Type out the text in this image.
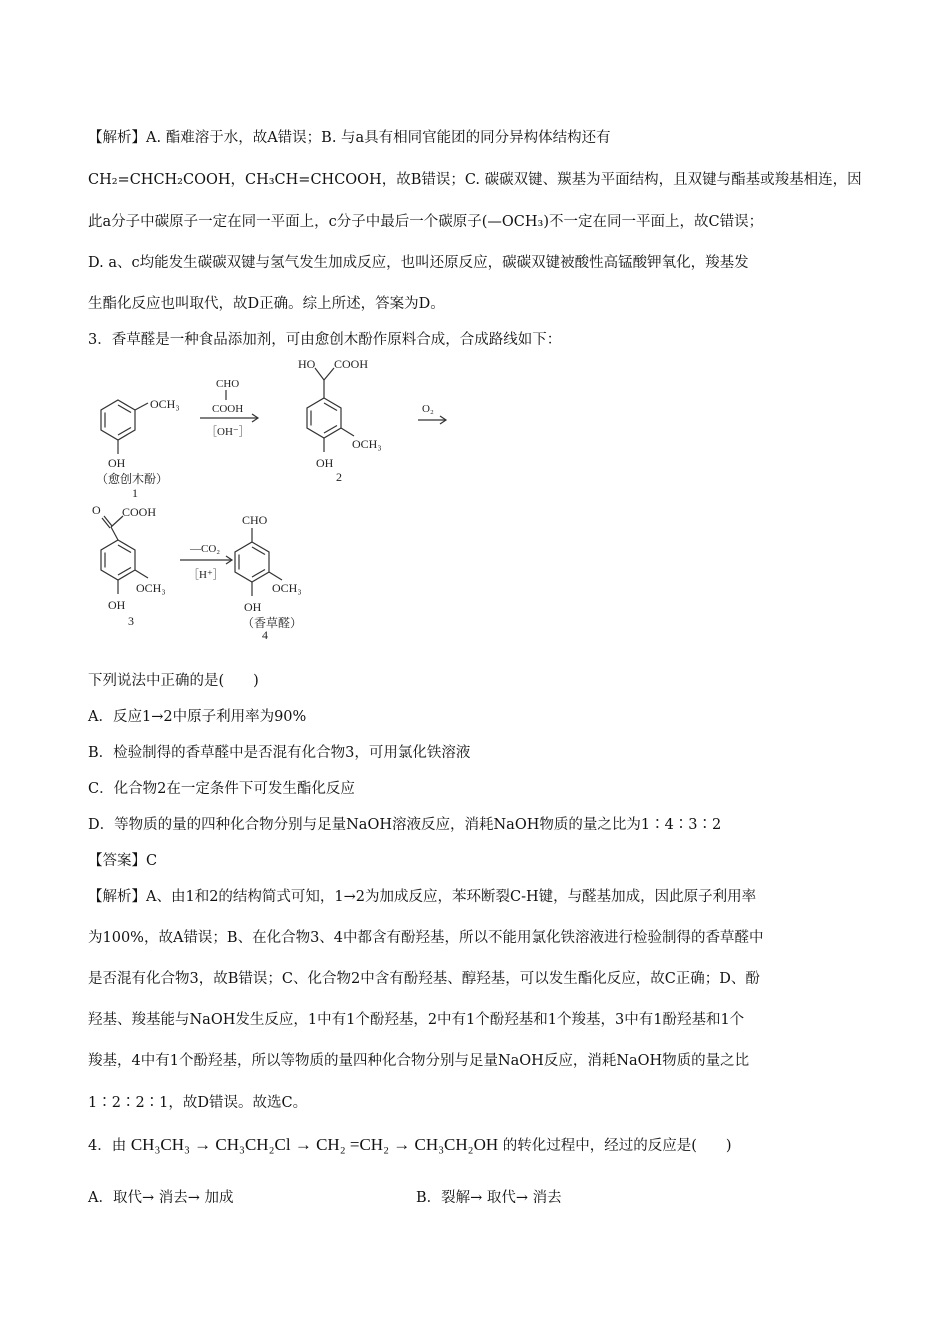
【解析】A. 酯难溶于水，故A错误；B. 与a具有相同官能团的同分异构体结构还有
CH₂=CHCH₂COOH，CH₃CH=CHCOOH，故B错误；C. 碳碳双键、羰基为平面结构，且双键与酯基或羧基相连，因
此a分子中碳原子一定在同一平面上，c分子中最后一个碳原子(—OCH₃)不一定在同一平面上，故C错误；
D. a、c均能发生碳碳双键与氢气发生加成反应，也叫还原反应，碳碳双键被酸性高锰酸钾氧化，羧基发
生酯化反应也叫取代，故D正确。综上所述，答案为D。
3．香草醛是一种食品添加剂，可由愈创木酚作原料合成，合成路线如下：
OCH₃
OH
（愈创木酚）
1
CHO
COOH
［OH⁻］
HO COOH
OCH₃
OH
2
O₂
O COOH
OCH₃
OH
3
—CO₂
［H⁺］
CHO
OCH₃
OH
（香草醛）
4
下列说法中正确的是(　　)
A．反应1→2中原子利用率为90%
B．检验制得的香草醛中是否混有化合物3，可用氯化铁溶液
C．化合物2在一定条件下可发生酯化反应
D．等物质的量的四种化合物分别与足量NaOH溶液反应，消耗NaOH物质的量之比为1∶4∶3∶2
【答案】C
【解析】A、由1和2的结构简式可知，1→2为加成反应，苯环断裂C-H键，与醛基加成，因此原子利用率
为100%，故A错误；B、在化合物3、4中都含有酚羟基，所以不能用氯化铁溶液进行检验制得的香草醛中
是否混有化合物3，故B错误；C、化合物2中含有酚羟基、醇羟基，可以发生酯化反应，故C正确；D、酚
羟基、羧基能与NaOH发生反应，1中有1个酚羟基，2中有1个酚羟基和1个羧基，3中有1酚羟基和1个
羧基，4中有1个酚羟基，所以等物质的量四种化合物分别与足量NaOH反应，消耗NaOH物质的量之比
1∶2∶2∶1，故D错误。故选C。
4．由 CH₃CH₃ → CH₃CH₂Cl → CH₂ =CH₂ → CH₃CH₂OH 的转化过程中，经过的反应是(　　)
A．取代→ 消去→ 加成	B．裂解→ 取代→ 消去
